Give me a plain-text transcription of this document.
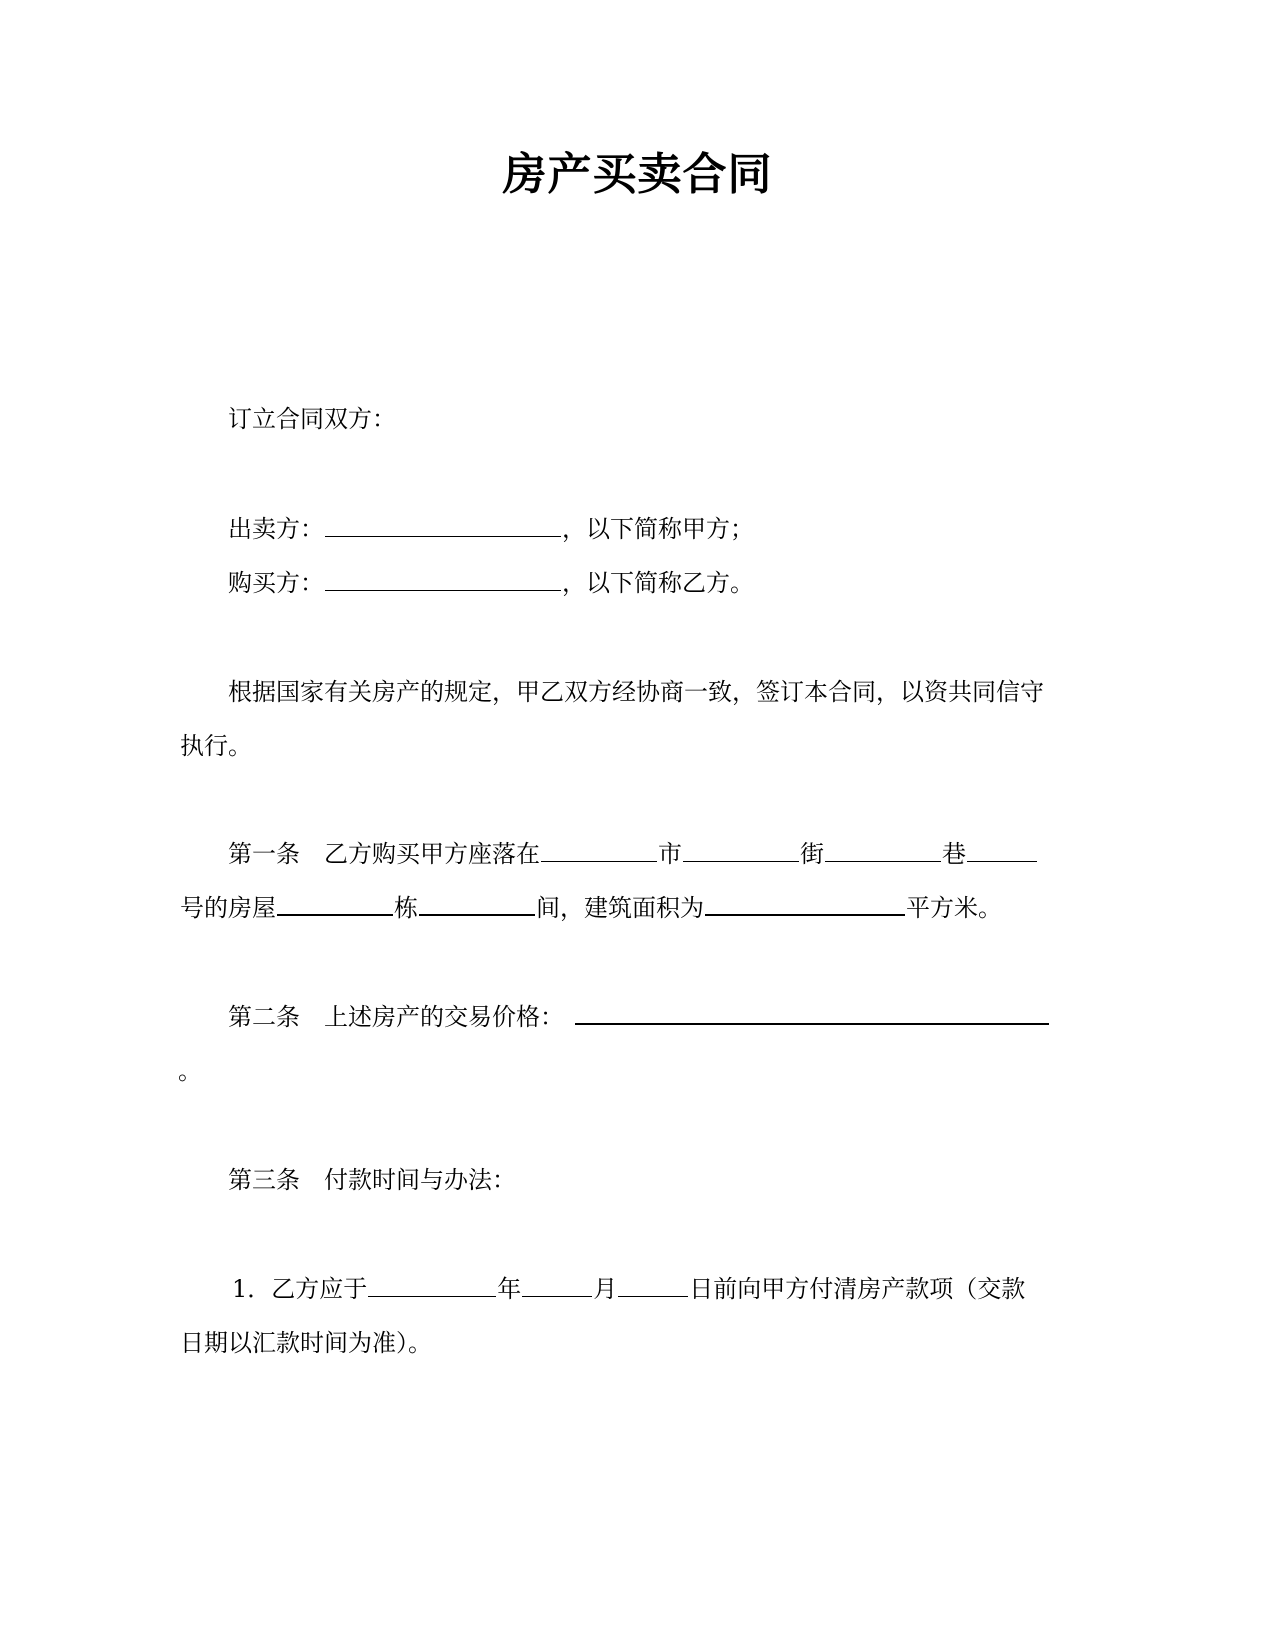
房产买卖合同
订立合同双方：
出卖方：	，以下简称甲方；
购买方：	，以下简称乙方。
根据国家有关房产的规定，甲乙双方经协商一致，签订本合同，以资共同信守
执行。
第一条 乙方购买甲方座落在	市	街	巷
号的房屋	栋	间，建筑面积为	平方米。
第二条 上述房产的交易价格：
。
第三条 付款时间与办法：
1．乙方应于	年	月	日前向甲方付清房产款项（交款
日期以汇款时间为准）。
